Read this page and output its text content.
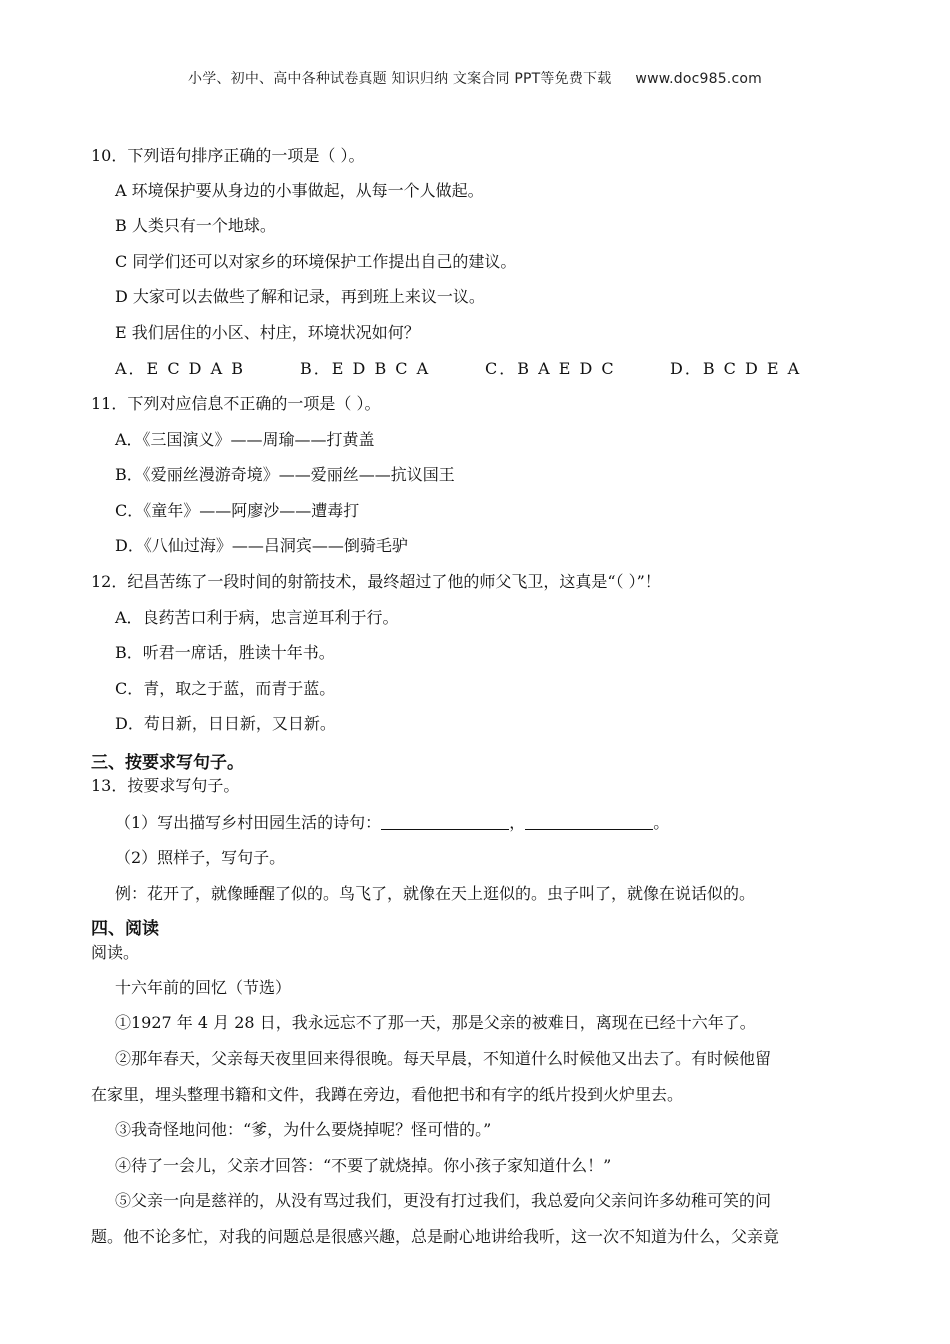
小学、初中、高中各种试卷真题 知识归纳 文案合同 PPT等免费下载 www.doc985.com
10．下列语句排序正确的一项是（ ）。
A 环境保护要从身边的小事做起，从每一个人做起。
B 人类只有一个地球。
C 同学们还可以对家乡的环境保护工作提出自己的建议。
D 大家可以去做些了解和记录，再到班上来议一议。
E 我们居住的小区、村庄，环境状况如何？
A．E C D A B	B．E D B C A	C．B A E D C	D．B C D E A
11．下列对应信息不正确的一项是（ ）。
A．《三国演义》——周瑜——打黄盖
B．《爱丽丝漫游奇境》——爱丽丝——抗议国王
C．《童年》——阿廖沙——遭毒打
D．《八仙过海》——吕洞宾——倒骑毛驴
12．纪昌苦练了一段时间的射箭技术，最终超过了他的师父飞卫，这真是“（ ）”！
A．良药苦口利于病，忠言逆耳利于行。
B．听君一席话，胜读十年书。
C．青，取之于蓝，而青于蓝。
D．苟日新，日日新，又日新。
三、按要求写句子。
13．按要求写句子。
（1）写出描写乡村田园生活的诗句：	，	。
（2）照样子，写句子。
例：花开了，就像睡醒了似的。鸟飞了，就像在天上逛似的。虫子叫了，就像在说话似的。
四、阅读
阅读。
十六年前的回忆（节选）
①1927 年 4 月 28 日，我永远忘不了那一天，那是父亲的被难日，离现在已经十六年了。
②那年春天，父亲每天夜里回来得很晚。每天早晨，不知道什么时候他又出去了。有时候他留
在家里，埋头整理书籍和文件，我蹲在旁边，看他把书和有字的纸片投到火炉里去。
③我奇怪地问他：“爹，为什么要烧掉呢？怪可惜的。”
④待了一会儿，父亲才回答：“不要了就烧掉。你小孩子家知道什么！”
⑤父亲一向是慈祥的，从没有骂过我们，更没有打过我们，我总爱向父亲问许多幼稚可笑的问
题。他不论多忙，对我的问题总是很感兴趣，总是耐心地讲给我听，这一次不知道为什么，父亲竟
